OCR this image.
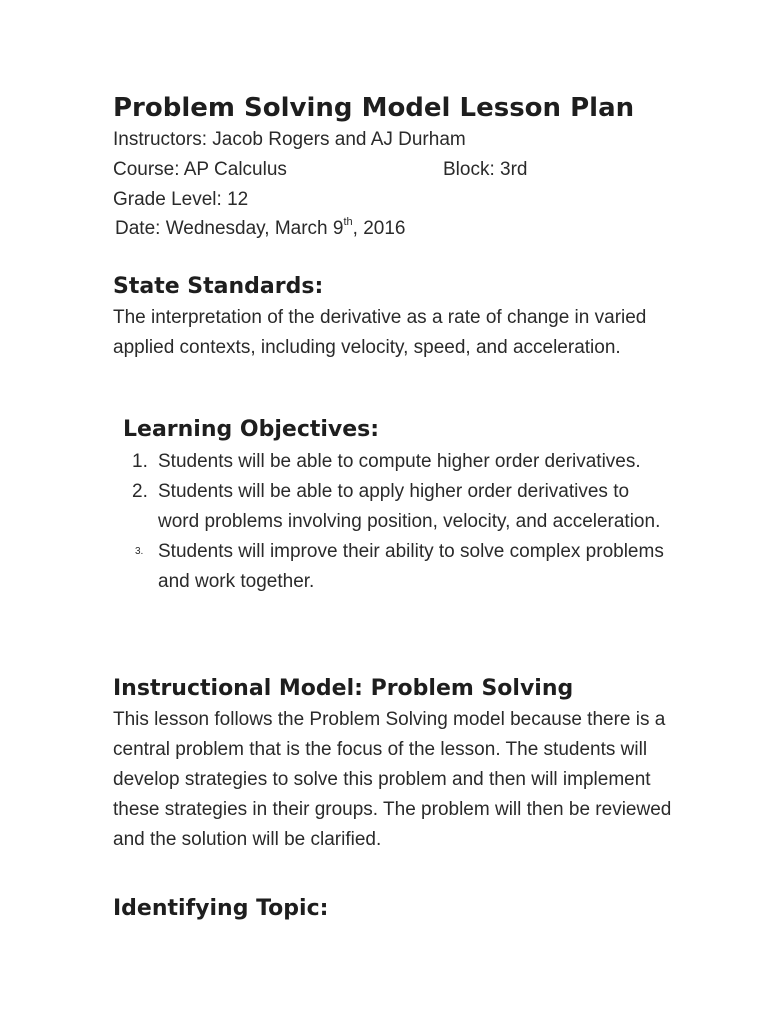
Problem Solving Model Lesson Plan
Instructors: Jacob Rogers and AJ Durham
Course: AP Calculus	Block: 3rd
Grade Level: 12
Date: Wednesday, March 9th, 2016
State Standards:

The interpretation of the derivative as a rate of change in varied applied contexts, including velocity, speed, and acceleration.

Learning Objectives:
1. Students will be able to compute higher order derivatives.
2. Students will be able to apply higher order derivatives to word problems involving position, velocity, and acceleration.
3. Students will improve their ability to solve complex problems and work together.
Instructional Model: Problem Solving

This lesson follows the Problem Solving model because there is a central problem that is the focus of the lesson. The students will develop strategies to solve this problem and then will implement these strategies in their groups. The problem will then be reviewed and the solution will be clarified.

Identifying Topic:
